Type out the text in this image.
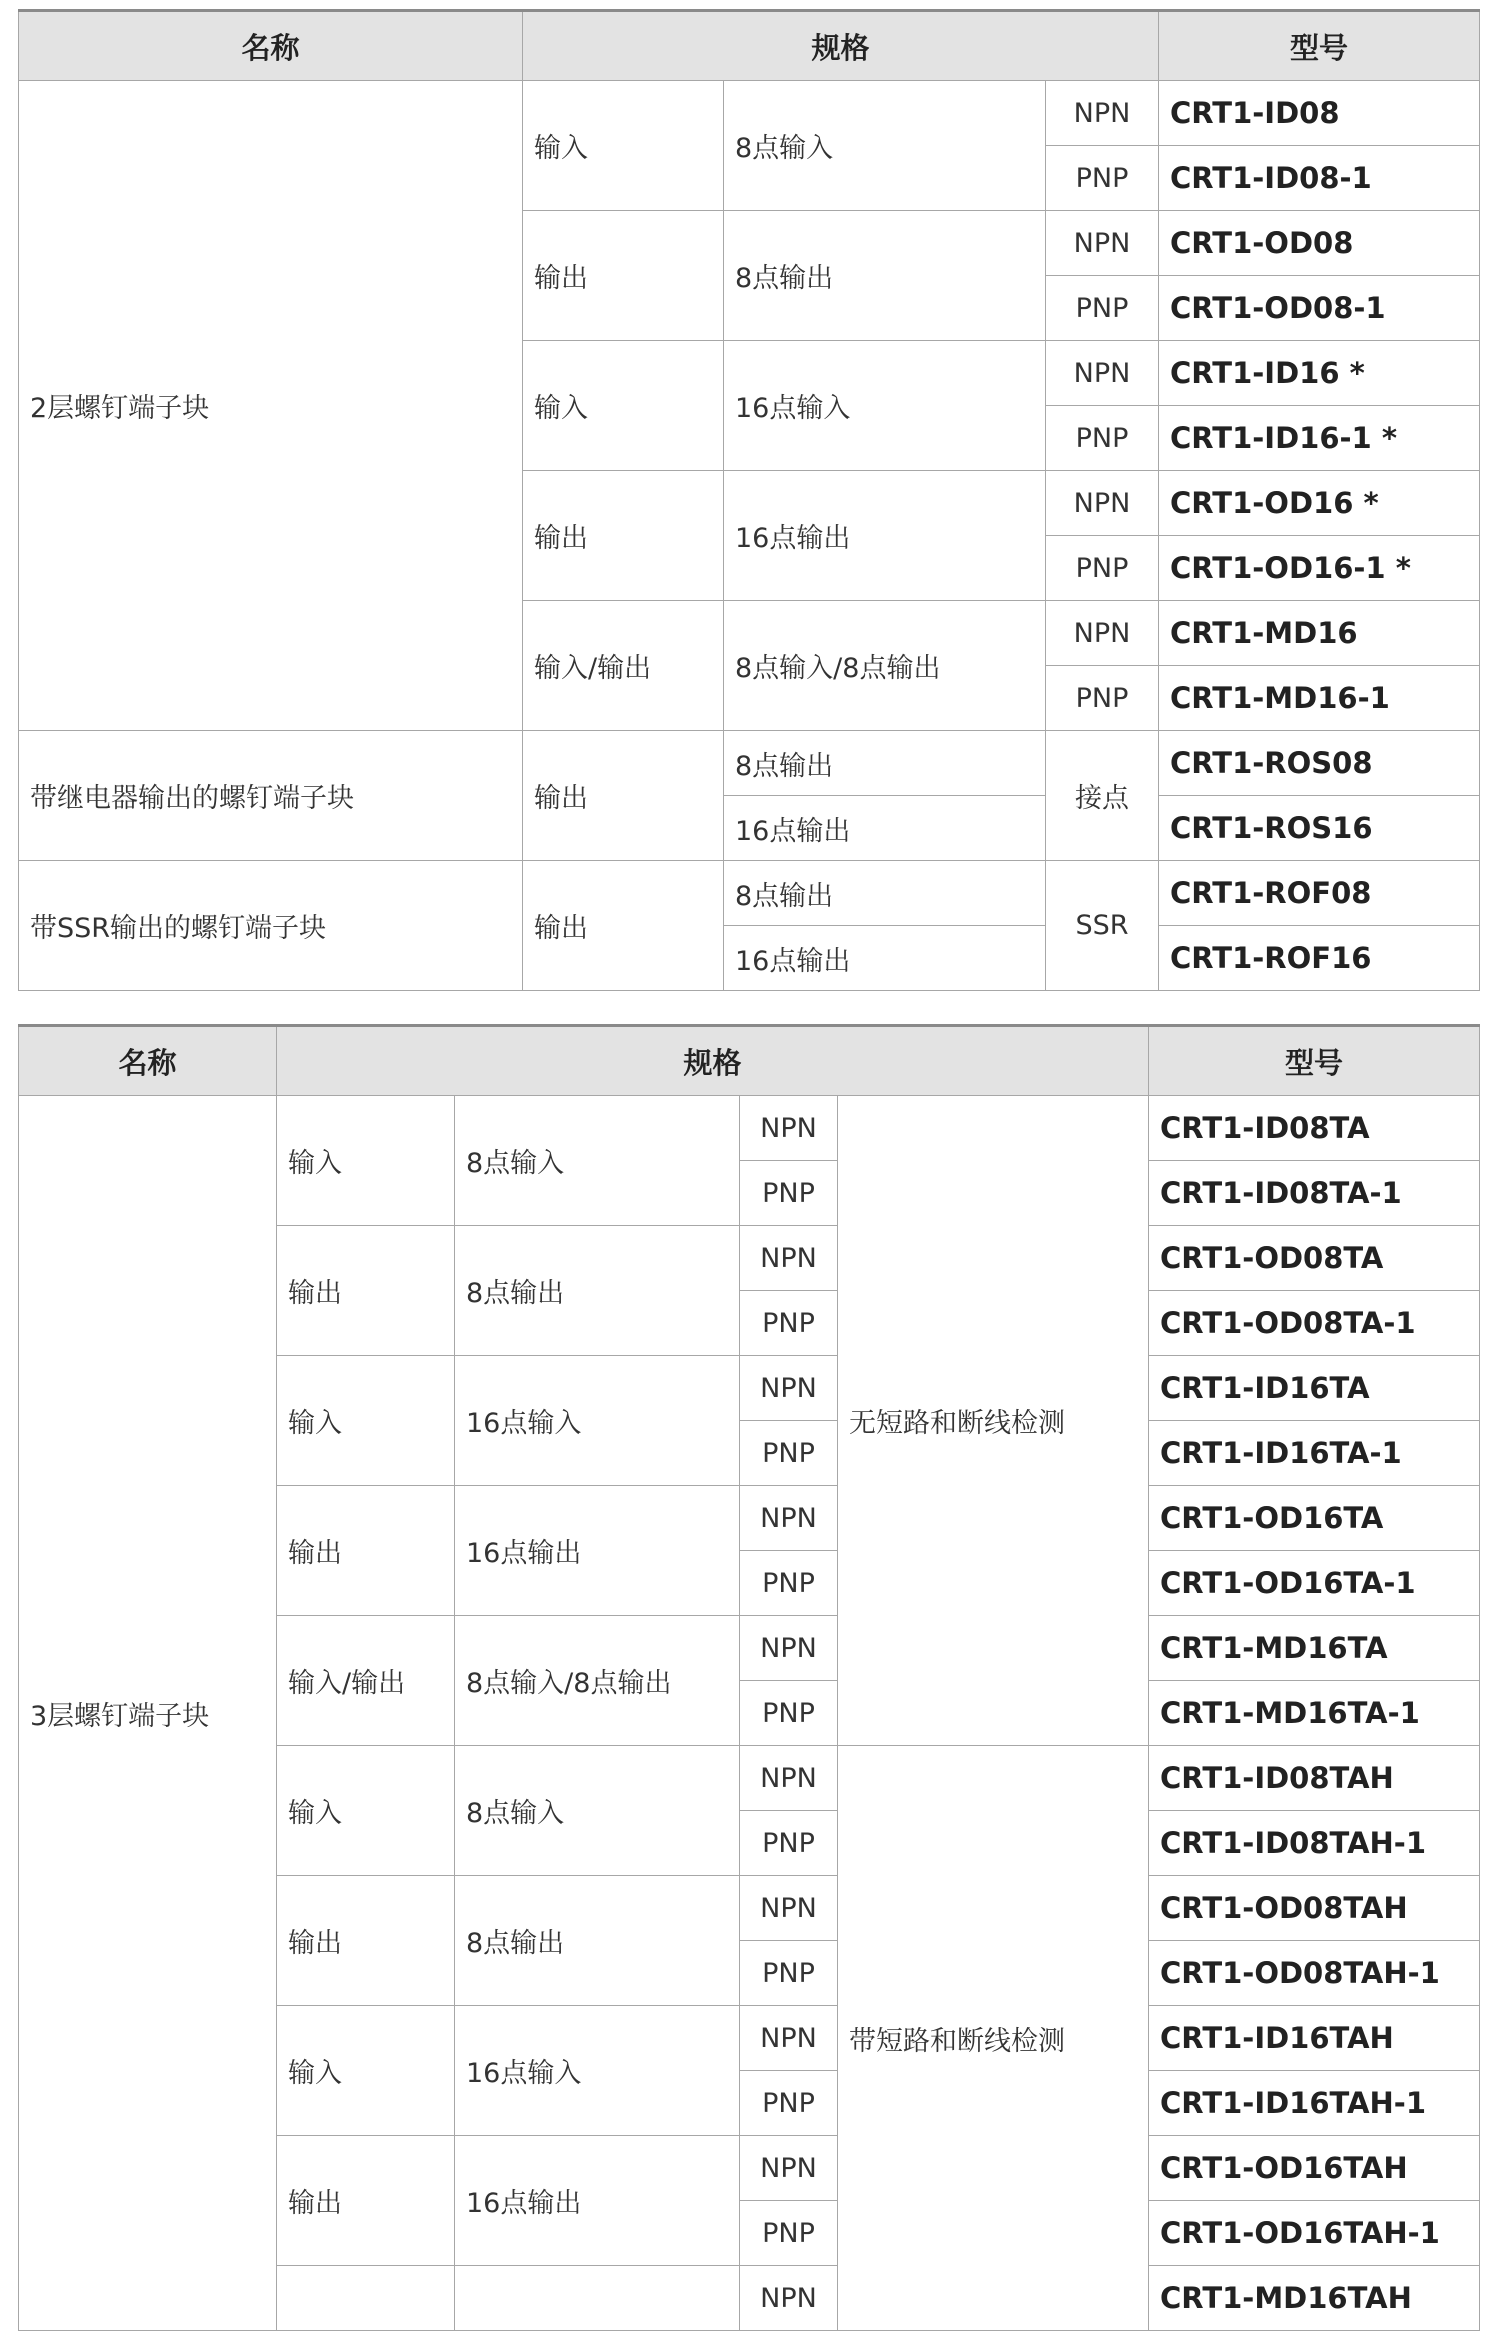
名称	规格			型号
2层螺钉端子块	输入	8点输入	NPN	CRT1-ID08
			PNP	CRT1-ID08-1
	输出	8点输出	NPN	CRT1-OD08
			PNP	CRT1-OD08-1
	输入	16点输入	NPN	CRT1-ID16 *
			PNP	CRT1-ID16-1 *
	输出	16点输出	NPN	CRT1-OD16 *
			PNP	CRT1-OD16-1 *
	输入/输出	8点输入/8点输出	NPN	CRT1-MD16
			PNP	CRT1-MD16-1
带继电器输出的螺钉端子块	输出	8点输出	接点	CRT1-ROS08
		16点输出		CRT1-ROS16
带SSR输出的螺钉端子块	输出	8点输出	SSR	CRT1-ROF08
		16点输出		CRT1-ROF16
名称	规格				型号
3层螺钉端子块	输入	8点输入	NPN	无短路和断线检测	CRT1-ID08TA
			PNP		CRT1-ID08TA-1
	输出	8点输出	NPN		CRT1-OD08TA
			PNP		CRT1-OD08TA-1
	输入	16点输入	NPN		CRT1-ID16TA
			PNP		CRT1-ID16TA-1
	输出	16点输出	NPN		CRT1-OD16TA
			PNP		CRT1-OD16TA-1
	输入/输出	8点输入/8点输出	NPN		CRT1-MD16TA
			PNP		CRT1-MD16TA-1
	输入	8点输入	NPN	带短路和断线检测	CRT1-ID08TAH
			PNP		CRT1-ID08TAH-1
	输出	8点输出	NPN		CRT1-OD08TAH
			PNP		CRT1-OD08TAH-1
	输入	16点输入	NPN		CRT1-ID16TAH
			PNP		CRT1-ID16TAH-1
	输出	16点输出	NPN		CRT1-OD16TAH
			PNP		CRT1-OD16TAH-1
			NPN		CRT1-MD16TAH
